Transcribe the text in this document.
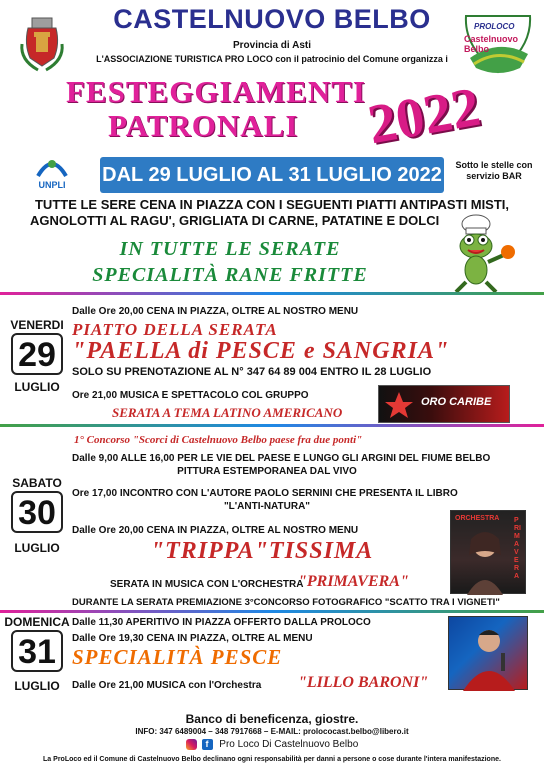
CASTELNUOVO BELBO
Provincia di Asti
L'ASSOCIAZIONE TURISTICA PRO LOCO con il patrocinio del Comune organizza i
PROLOCO
Castelnuovo
Belbo
FESTEGGIAMENTI
PATRONALI 2022
UNPLI	DAL 29 LUGLIO AL 31 LUGLIO 2022	Sotto le stelle con servizio BAR
TUTTE LE SERE CENA IN PIAZZA CON I SEGUENTI PIATTI ANTIPASTI MISTI,
AGNOLOTTI AL RAGU', GRIGLIATA DI CARNE, PATATINE E DOLCI
IN TUTTE LE SERATE
SPECIALITÀ RANE FRITTE
VENERDI
29
LUGLIO
Dalle Ore 20,00 CENA IN PIAZZA, OLTRE AL NOSTRO MENU
PIATTO DELLA SERATA
"PAELLA di PESCE e SANGRIA"
SOLO SU PRENOTAZIONE AL N° 347 64 89 004 ENTRO IL 28 LUGLIO
Ore 21,00 MUSICA E SPETTACOLO COL GRUPPO
SERATA A TEMA LATINO AMERICANO
ORO CARIBE
1° Concorso "Scorci di Castelnuovo Belbo paese fra due ponti"
Dalle 9,00 ALLE 16,00 PER LE VIE DEL PAESE E LUNGO GLI ARGINI DEL FIUME BELBO
PITTURA ESTEMPORANEA DAL VIVO
SABATO
30
LUGLIO
Ore 17,00 INCONTRO CON L'AUTORE PAOLO SERNINI CHE PRESENTA IL LIBRO
"L'ANTI-NATURA"
Dalle Ore 20,00 CENA IN PIAZZA, OLTRE AL NOSTRO MENU
"TRIPPA"TISSIMA
SERATA IN MUSICA CON L'ORCHESTRA
"PRIMAVERA"
DURANTE LA SERATA PREMIAZIONE 3°CONCORSO FOTOGRAFICO "SCATTO TRA I VIGNETI"
ORCHESTRA PRIMAVERA
DOMENICA
31
LUGLIO
Dalle 11,30 APERITIVO IN PIAZZA OFFERTO DALLA PROLOCO
Dalle Ore 19,30 CENA IN PIAZZA, OLTRE AL MENU
SPECIALITÀ PESCE
Dalle Ore 21,00 MUSICA con l'Orchestra "LILLO BARONI"
Banco di beneficenza, giostre.
INFO: 347 6489004 – 348 7917668 – E-MAIL: prolococast.belbo@libero.it
f Pro Loco Di Castelnuovo Belbo
La ProLoco ed il Comune di Castelnuovo Belbo declinano ogni responsabilità per danni a persone o cose durante l'intera manifestazione.
